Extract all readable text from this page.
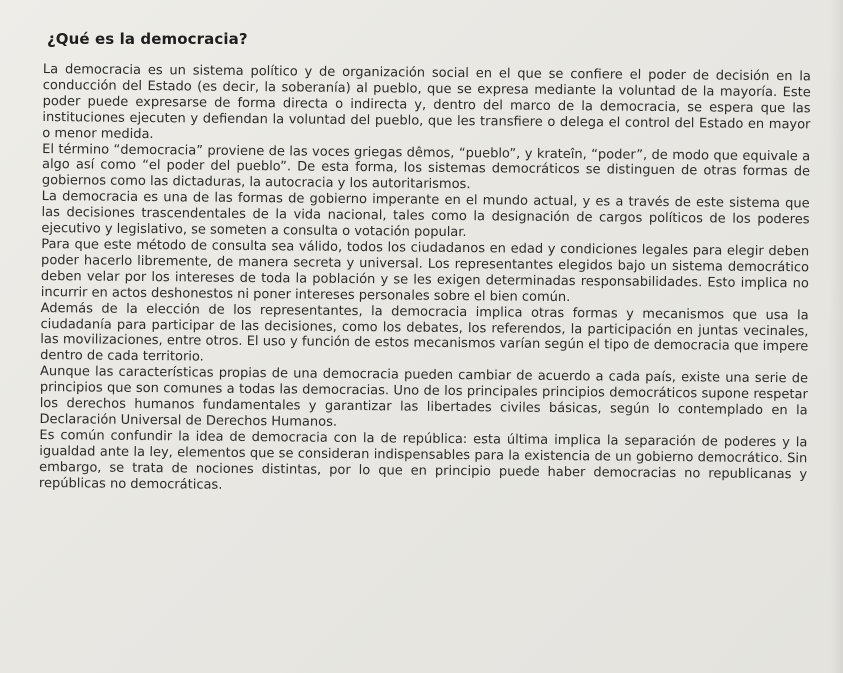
¿Qué es la democracia?

La democracia es un sistema político y de organización social en el que se confiere el poder de decisión en la conducción del Estado (es decir, la soberanía) al pueblo, que se expresa mediante la voluntad de la mayoría. Este poder puede expresarse de forma directa o indirecta y, dentro del marco de la democracia, se espera que las instituciones ejecuten y defiendan la voluntad del pueblo, que les transfiere o delega el control del Estado en mayor o menor medida.

El término “democracia” proviene de las voces griegas dêmos, “pueblo”, y krateîn, “poder”, de modo que equivale a algo así como “el poder del pueblo”. De esta forma, los sistemas democráticos se distinguen de otras formas de gobiernos como las dictaduras, la autocracia y los autoritarismos.

La democracia es una de las formas de gobierno imperante en el mundo actual, y es a través de este sistema que las decisiones trascendentales de la vida nacional, tales como la designación de cargos políticos de los poderes ejecutivo y legislativo, se someten a consulta o votación popular.

Para que este método de consulta sea válido, todos los ciudadanos en edad y condiciones legales para elegir deben poder hacerlo libremente, de manera secreta y universal. Los representantes elegidos bajo un sistema democrático deben velar por los intereses de toda la población y se les exigen determinadas responsabilidades. Esto implica no incurrir en actos deshonestos ni poner intereses personales sobre el bien común.

Además de la elección de los representantes, la democracia implica otras formas y mecanismos que usa la ciudadanía para participar de las decisiones, como los debates, los referendos, la participación en juntas vecinales, las movilizaciones, entre otros. El uso y función de estos mecanismos varían según el tipo de democracia que impere dentro de cada territorio.

Aunque las características propias de una democracia pueden cambiar de acuerdo a cada país, existe una serie de principios que son comunes a todas las democracias. Uno de los principales principios democráticos supone respetar los derechos humanos fundamentales y garantizar las libertades civiles básicas, según lo contemplado en la Declaración Universal de Derechos Humanos.

Es común confundir la idea de democracia con la de república: esta última implica la separación de poderes y la igualdad ante la ley, elementos que se consideran indispensables para la existencia de un gobierno democrático. Sin embargo, se trata de nociones distintas, por lo que en principio puede haber democracias no republicanas y repúblicas no democráticas.
